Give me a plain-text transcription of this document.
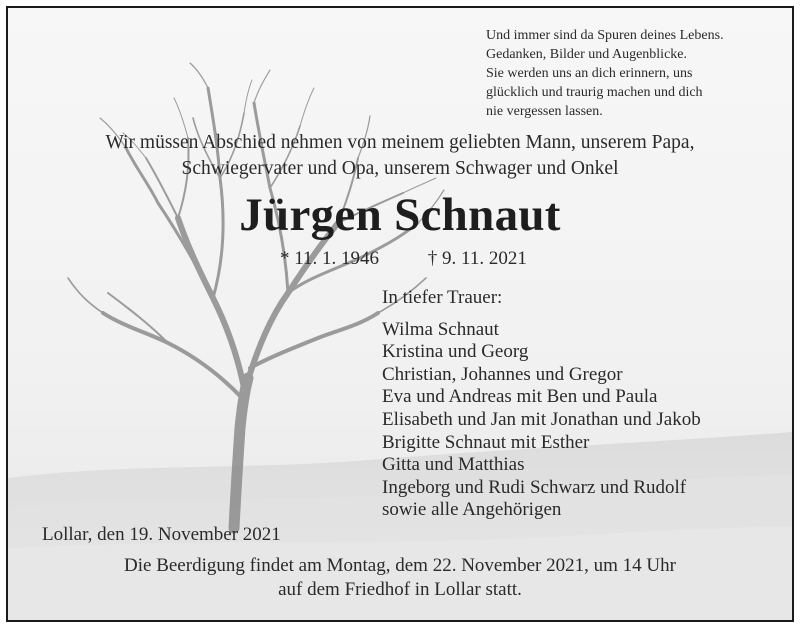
Und immer sind da Spuren deines Lebens.
Gedanken, Bilder und Augenblicke.
Sie werden uns an dich erinnern, uns
glücklich und traurig machen und dich
nie vergessen lassen.
Wir müssen Abschied nehmen von meinem geliebten Mann, unserem Papa,
Schwiegervater und Opa, unserem Schwager und Onkel
Jürgen Schnaut
* 11. 1. 1946	† 9. 11. 2021
In tiefer Trauer:
Wilma Schnaut
Kristina und Georg
Christian, Johannes und Gregor
Eva und Andreas mit Ben und Paula
Elisabeth und Jan mit Jonathan und Jakob
Brigitte Schnaut mit Esther
Gitta und Matthias
Ingeborg und Rudi Schwarz und Rudolf
sowie alle Angehörigen
Lollar, den 19. November 2021
Die Beerdigung findet am Montag, dem 22. November 2021, um 14 Uhr
auf dem Friedhof in Lollar statt.
